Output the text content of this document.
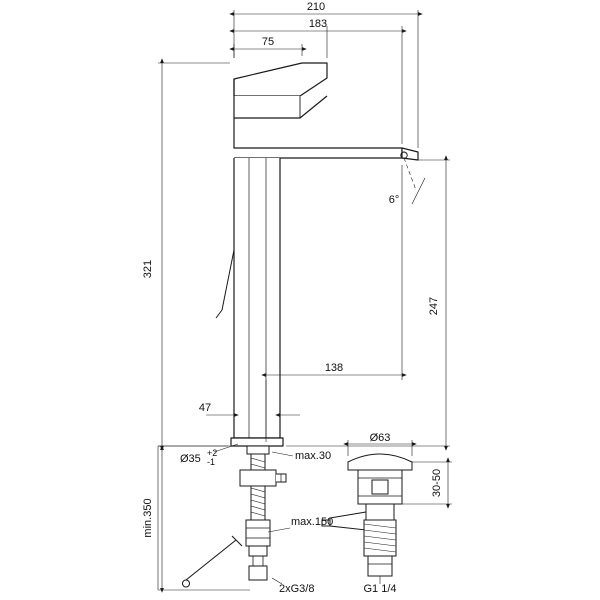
210
183
75
321
247
138
47
6°
Ø35 +2
-1	max.30
min.350	max.150
2xG3/8
Ø63
30-50
G1 1/4
